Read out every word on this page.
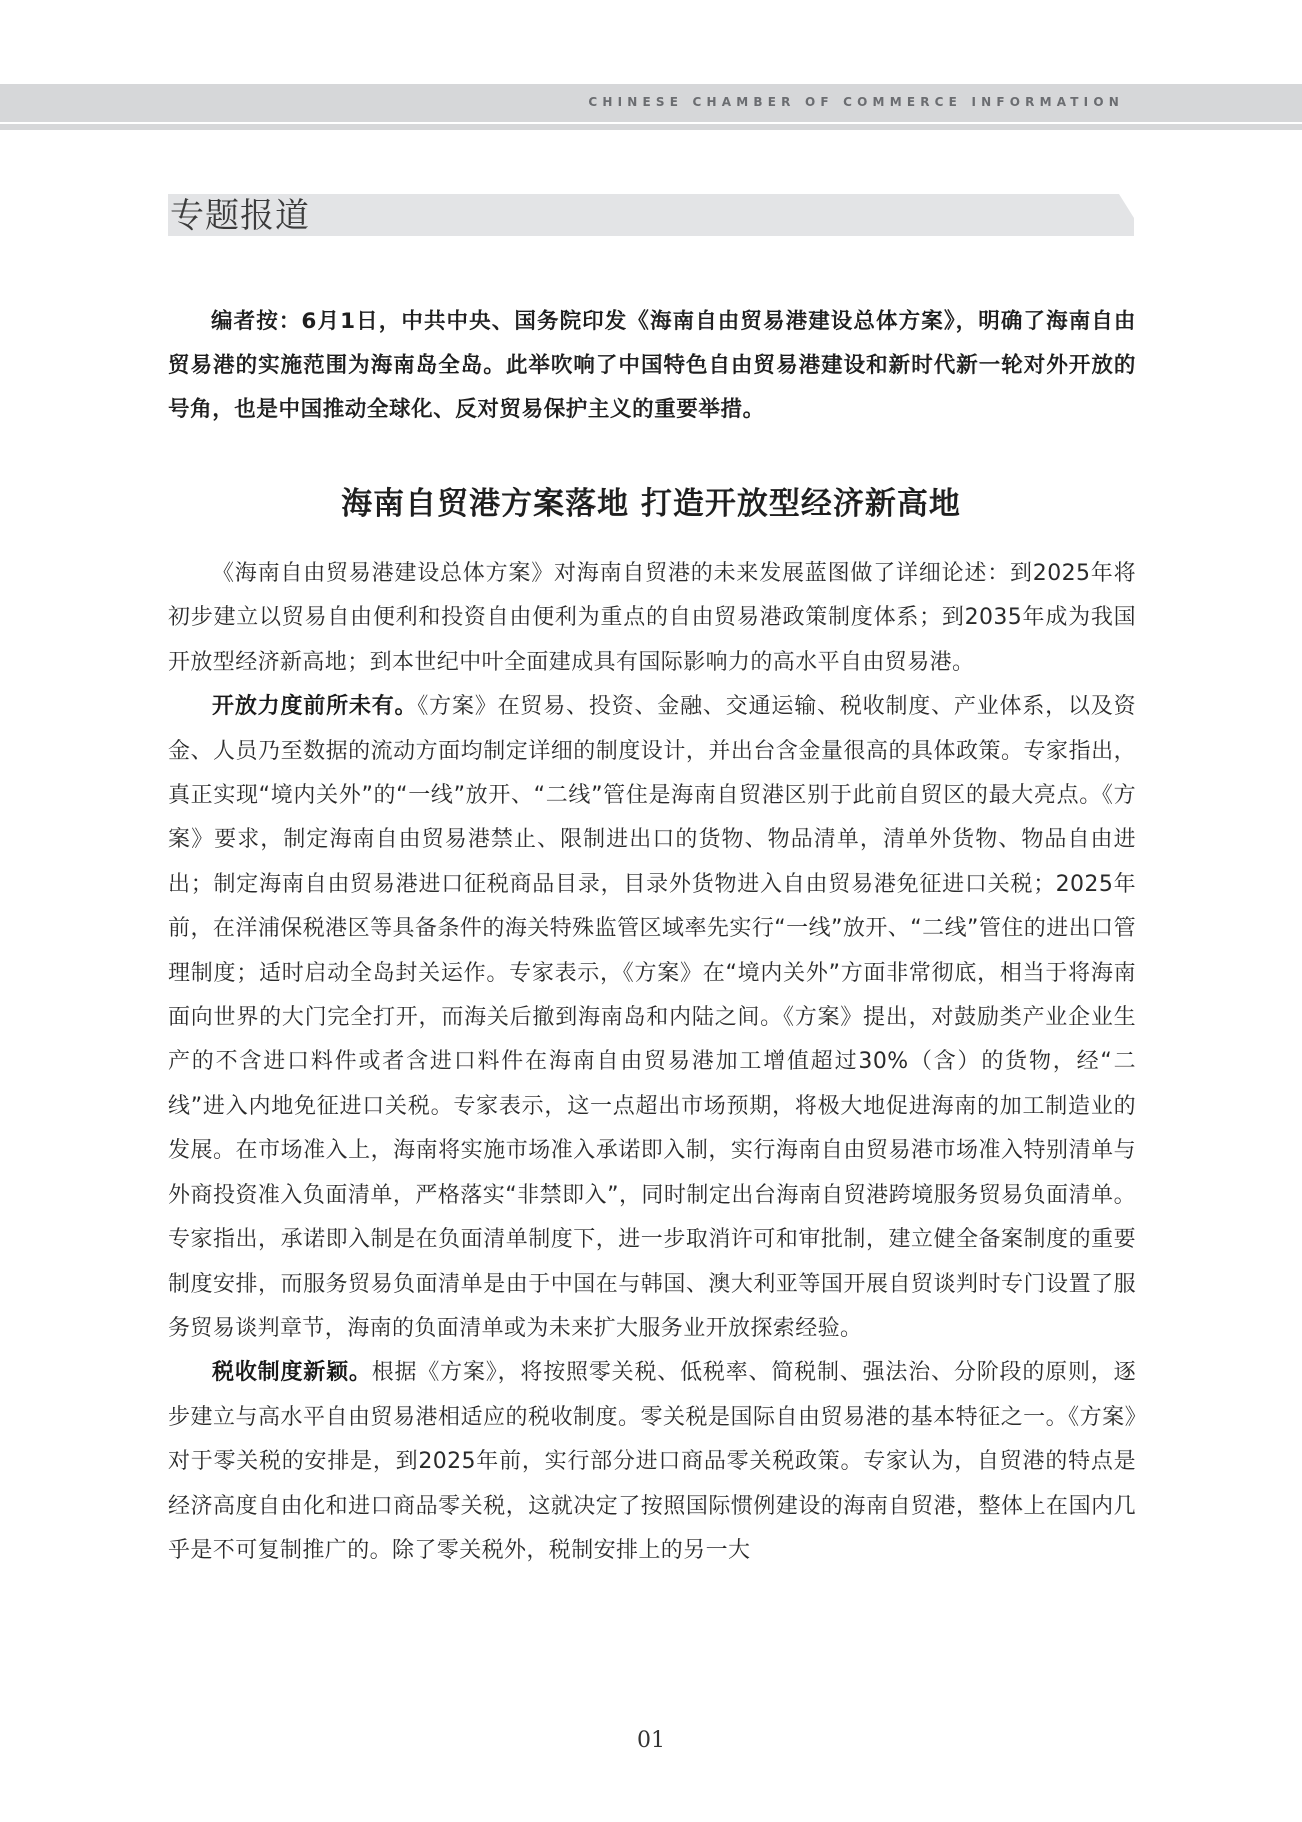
CHINESE CHAMBER OF COMMERCE INFORMATION
专题报道

编者按：6月1日，中共中央、国务院印发《海南自由贸易港建设总体方案》，明确了海南自由贸易港的实施范围为海南岛全岛。此举吹响了中国特色自由贸易港建设和新时代新一轮对外开放的号角，也是中国推动全球化、反对贸易保护主义的重要举措。

海南自贸港方案落地 打造开放型经济新高地

《海南自由贸易港建设总体方案》对海南自贸港的未来发展蓝图做了详细论述：到2025年将初步建立以贸易自由便利和投资自由便利为重点的自由贸易港政策制度体系；到2035年成为我国开放型经济新高地；到本世纪中叶全面建成具有国际影响力的高水平自由贸易港。

开放力度前所未有。《方案》在贸易、投资、金融、交通运输、税收制度、产业体系，以及资金、人员乃至数据的流动方面均制定详细的制度设计，并出台含金量很高的具体政策。专家指出，真正实现“境内关外”的“一线”放开、“二线”管住是海南自贸港区别于此前自贸区的最大亮点。《方案》要求，制定海南自由贸易港禁止、限制进出口的货物、物品清单，清单外货物、物品自由进出；制定海南自由贸易港进口征税商品目录，目录外货物进入自由贸易港免征进口关税；2025年前，在洋浦保税港区等具备条件的海关特殊监管区域率先实行“一线”放开、“二线”管住的进出口管理制度；适时启动全岛封关运作。专家表示，《方案》在“境内关外”方面非常彻底，相当于将海南面向世界的大门完全打开，而海关后撤到海南岛和内陆之间。《方案》提出，对鼓励类产业企业生产的不含进口料件或者含进口料件在海南自由贸易港加工增值超过30%（含）的货物，经“二线”进入内地免征进口关税。专家表示，这一点超出市场预期，将极大地促进海南的加工制造业的发展。在市场准入上，海南将实施市场准入承诺即入制，实行海南自由贸易港市场准入特别清单与外商投资准入负面清单，严格落实“非禁即入”，同时制定出台海南自贸港跨境服务贸易负面清单。专家指出，承诺即入制是在负面清单制度下，进一步取消许可和审批制，建立健全备案制度的重要制度安排，而服务贸易负面清单是由于中国在与韩国、澳大利亚等国开展自贸谈判时专门设置了服务贸易谈判章节，海南的负面清单或为未来扩大服务业开放探索经验。

税收制度新颖。根据《方案》，将按照零关税、低税率、简税制、强法治、分阶段的原则，逐步建立与高水平自由贸易港相适应的税收制度。零关税是国际自由贸易港的基本特征之一。《方案》对于零关税的安排是，到2025年前，实行部分进口商品零关税政策。专家认为，自贸港的特点是经济高度自由化和进口商品零关税，这就决定了按照国际惯例建设的海南自贸港，整体上在国内几乎是不可复制推广的。除了零关税外，税制安排上的另一大

01
